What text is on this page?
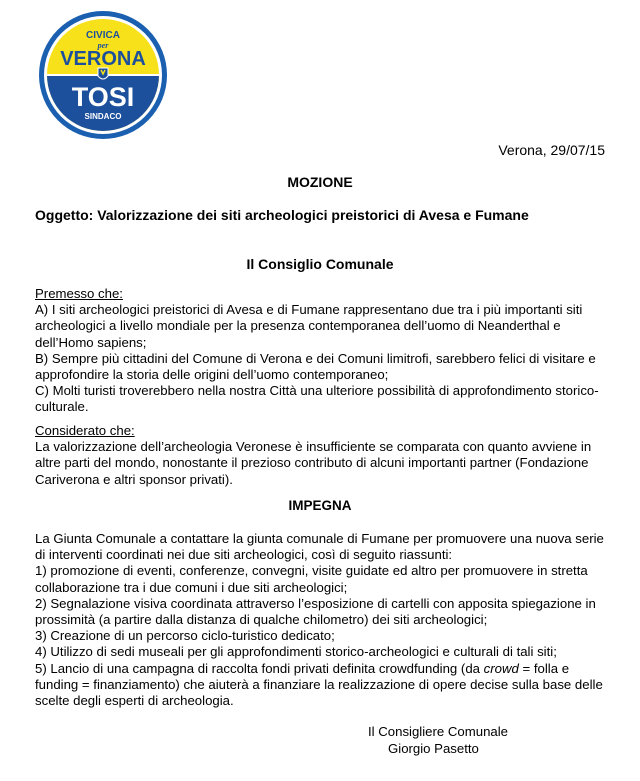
CIVICA
per
VERONA
TOSI
SINDACO
Verona, 29/07/15
MOZIONE
Oggetto: Valorizzazione dei siti archeologici preistorici di Avesa e Fumane
Il Consiglio Comunale

Premesso che:

A) I siti archeologici preistorici di Avesa e di Fumane rappresentano due tra i più importanti siti archeologici a livello mondiale per la presenza contemporanea dell’uomo di Neanderthal e dell’Homo sapiens;

B) Sempre più cittadini del Comune di Verona e dei Comuni limitrofi, sarebbero felici di visitare e approfondire la storia delle origini dell’uomo contemporaneo;

C) Molti turisti troverebbero nella nostra Città una ulteriore possibilità di approfondimento storico-culturale.

Considerato che:

La valorizzazione dell’archeologia Veronese è insufficiente se comparata con quanto avviene in altre parti del mondo, nonostante il prezioso contributo di alcuni importanti partner (Fondazione Cariverona e altri sponsor privati).

IMPEGNA

La Giunta Comunale a contattare la giunta comunale di Fumane per promuovere una nuova serie di interventi coordinati nei due siti archeologici, così di seguito riassunti:

1) promozione di eventi, conferenze, convegni, visite guidate ed altro per promuovere in stretta collaborazione tra i due comuni i due siti archeologici;

2) Segnalazione visiva coordinata attraverso l’esposizione di cartelli con apposita spiegazione in prossimità (a partire dalla distanza di qualche chilometro) dei siti archeologici;

3) Creazione di un percorso ciclo-turistico dedicato;

4) Utilizzo di sedi museali per gli approfondimenti storico-archeologici e culturali di tali siti;

5) Lancio di una campagna di raccolta fondi privati definita crowdfunding (da crowd = folla e funding = finanziamento) che aiuterà a finanziare la realizzazione di opere decise sulla base delle scelte degli esperti di archeologia.

Il Consigliere Comunale
Giorgio Pasetto
